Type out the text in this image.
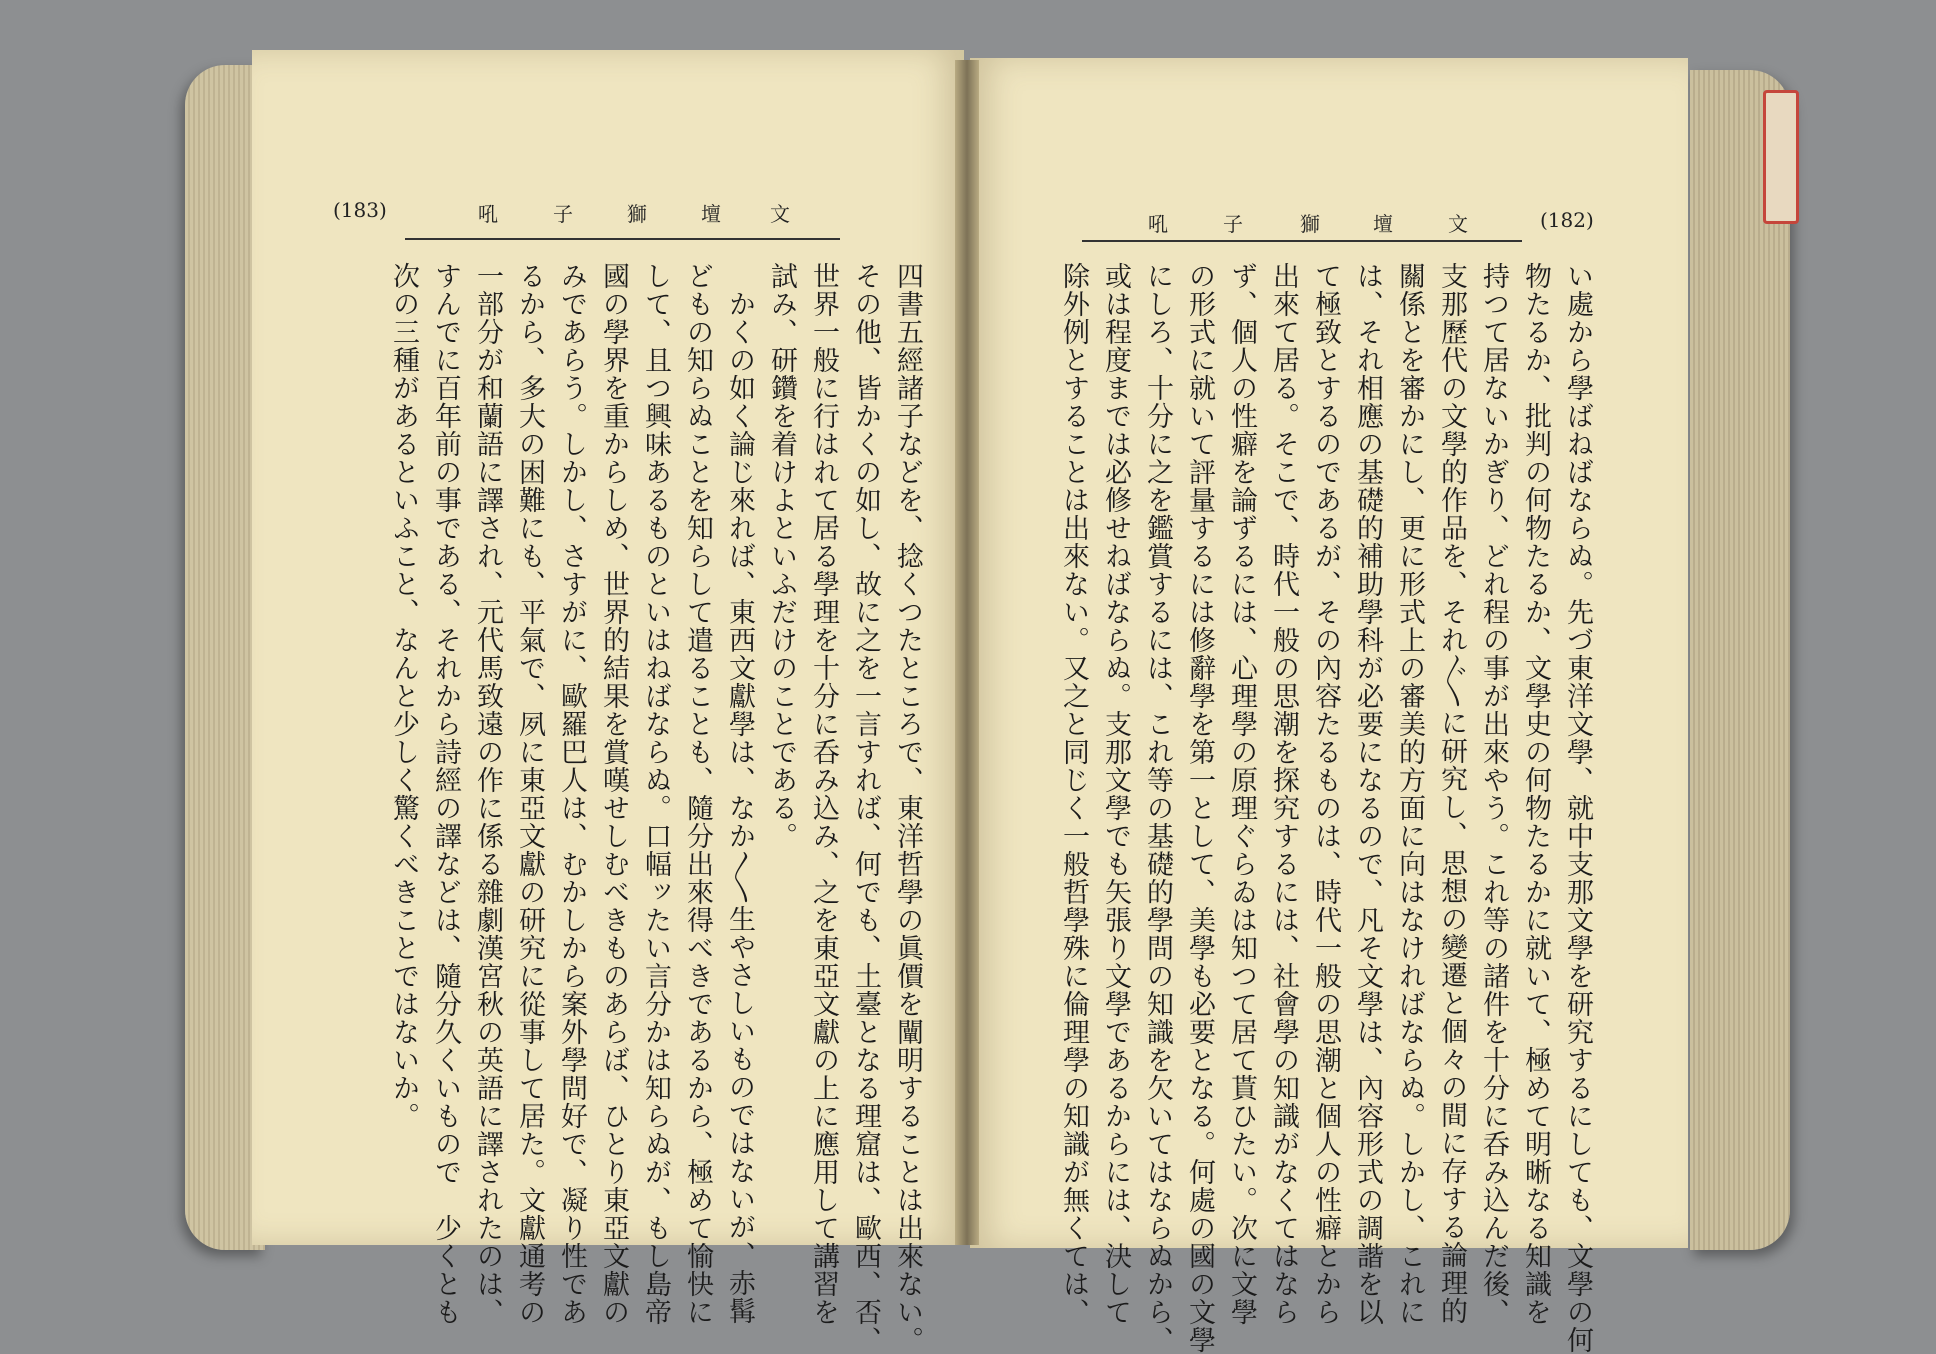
(183)	吼	子	獅	壇 文	吼	子	獅	壇	文	(182)
四書五經諸子などを、捻くつたところで、東洋哲學の眞價を闡明することは出來ない。
その他、皆かくの如し、故に之を一言すれば、何でも、土臺となる理窟は、歐西、否、
世界一般に行はれて居る學理を十分に呑み込み、之を東亞文獻の上に應用して講習を
試み、研鑽を着けよといふだけのことである。
かくの如く論じ來れば、東西文獻學は、なか〳〵生やさしいものではないが、赤髯
どもの知らぬことを知らして遣ることも、隨分出來得べきであるから、極めて愉快に
して、且つ興味あるものといはねばならぬ。口幅ッたい言分かは知らぬが、もし島帝
國の學界を重からしめ、世界的結果を賞嘆せしむべきものあらば、ひとり東亞文獻の
みであらう。しかし、さすがに、歐羅巴人は、むかしから案外學問好で、凝り性であ
るから、多大の困難にも、平氣で、夙に東亞文獻の研究に從事して居た。文獻通考の
一部分が和蘭語に譯され、元代馬致遠の作に係る雜劇漢宮秋の英語に譯されたのは、
すんでに百年前の事である、それから詩經の譯などは、隨分久くいもので　少くとも
次の三種があるといふこと、なんと少しく驚くべきことではないか。	い處から學ばねばならぬ。先づ東洋文學、就中支那文學を研究するにしても、文學の何
物たるか、批判の何物たるか、文學史の何物たるかに就いて、極めて明晰なる知識を
持つて居ないかぎり、どれ程の事が出來やう。これ等の諸件を十分に呑み込んだ後、
支那歷代の文學的作品を、それ〴〵に研究し、思想の變遷と個々の間に存する論理的
關係とを審かにし、更に形式上の審美的方面に向はなければならぬ。しかし、これに
は、それ相應の基礎的補助學科が必要になるので、凡そ文學は、內容形式の調諧を以
て極致とするのであるが、その內容たるものは、時代一般の思潮と個人の性癖とから
出來て居る。そこで、時代一般の思潮を探究するには、社會學の知識がなくてはなら
ず、個人の性癖を論ずるには、心理學の原理ぐらゐは知つて居て貰ひたい。次に文學
の形式に就いて評量するには修辭學を第一として、美學も必要となる。何處の國の文學
にしろ、十分に之を鑑賞するには、これ等の基礎的學問の知識を欠いてはならぬから、
或は程度までは必修せねばならぬ。支那文學でも矢張り文學であるからには、決して
除外例とすることは出來ない。又之と同じく一般哲學殊に倫理學の知識が無くては、
